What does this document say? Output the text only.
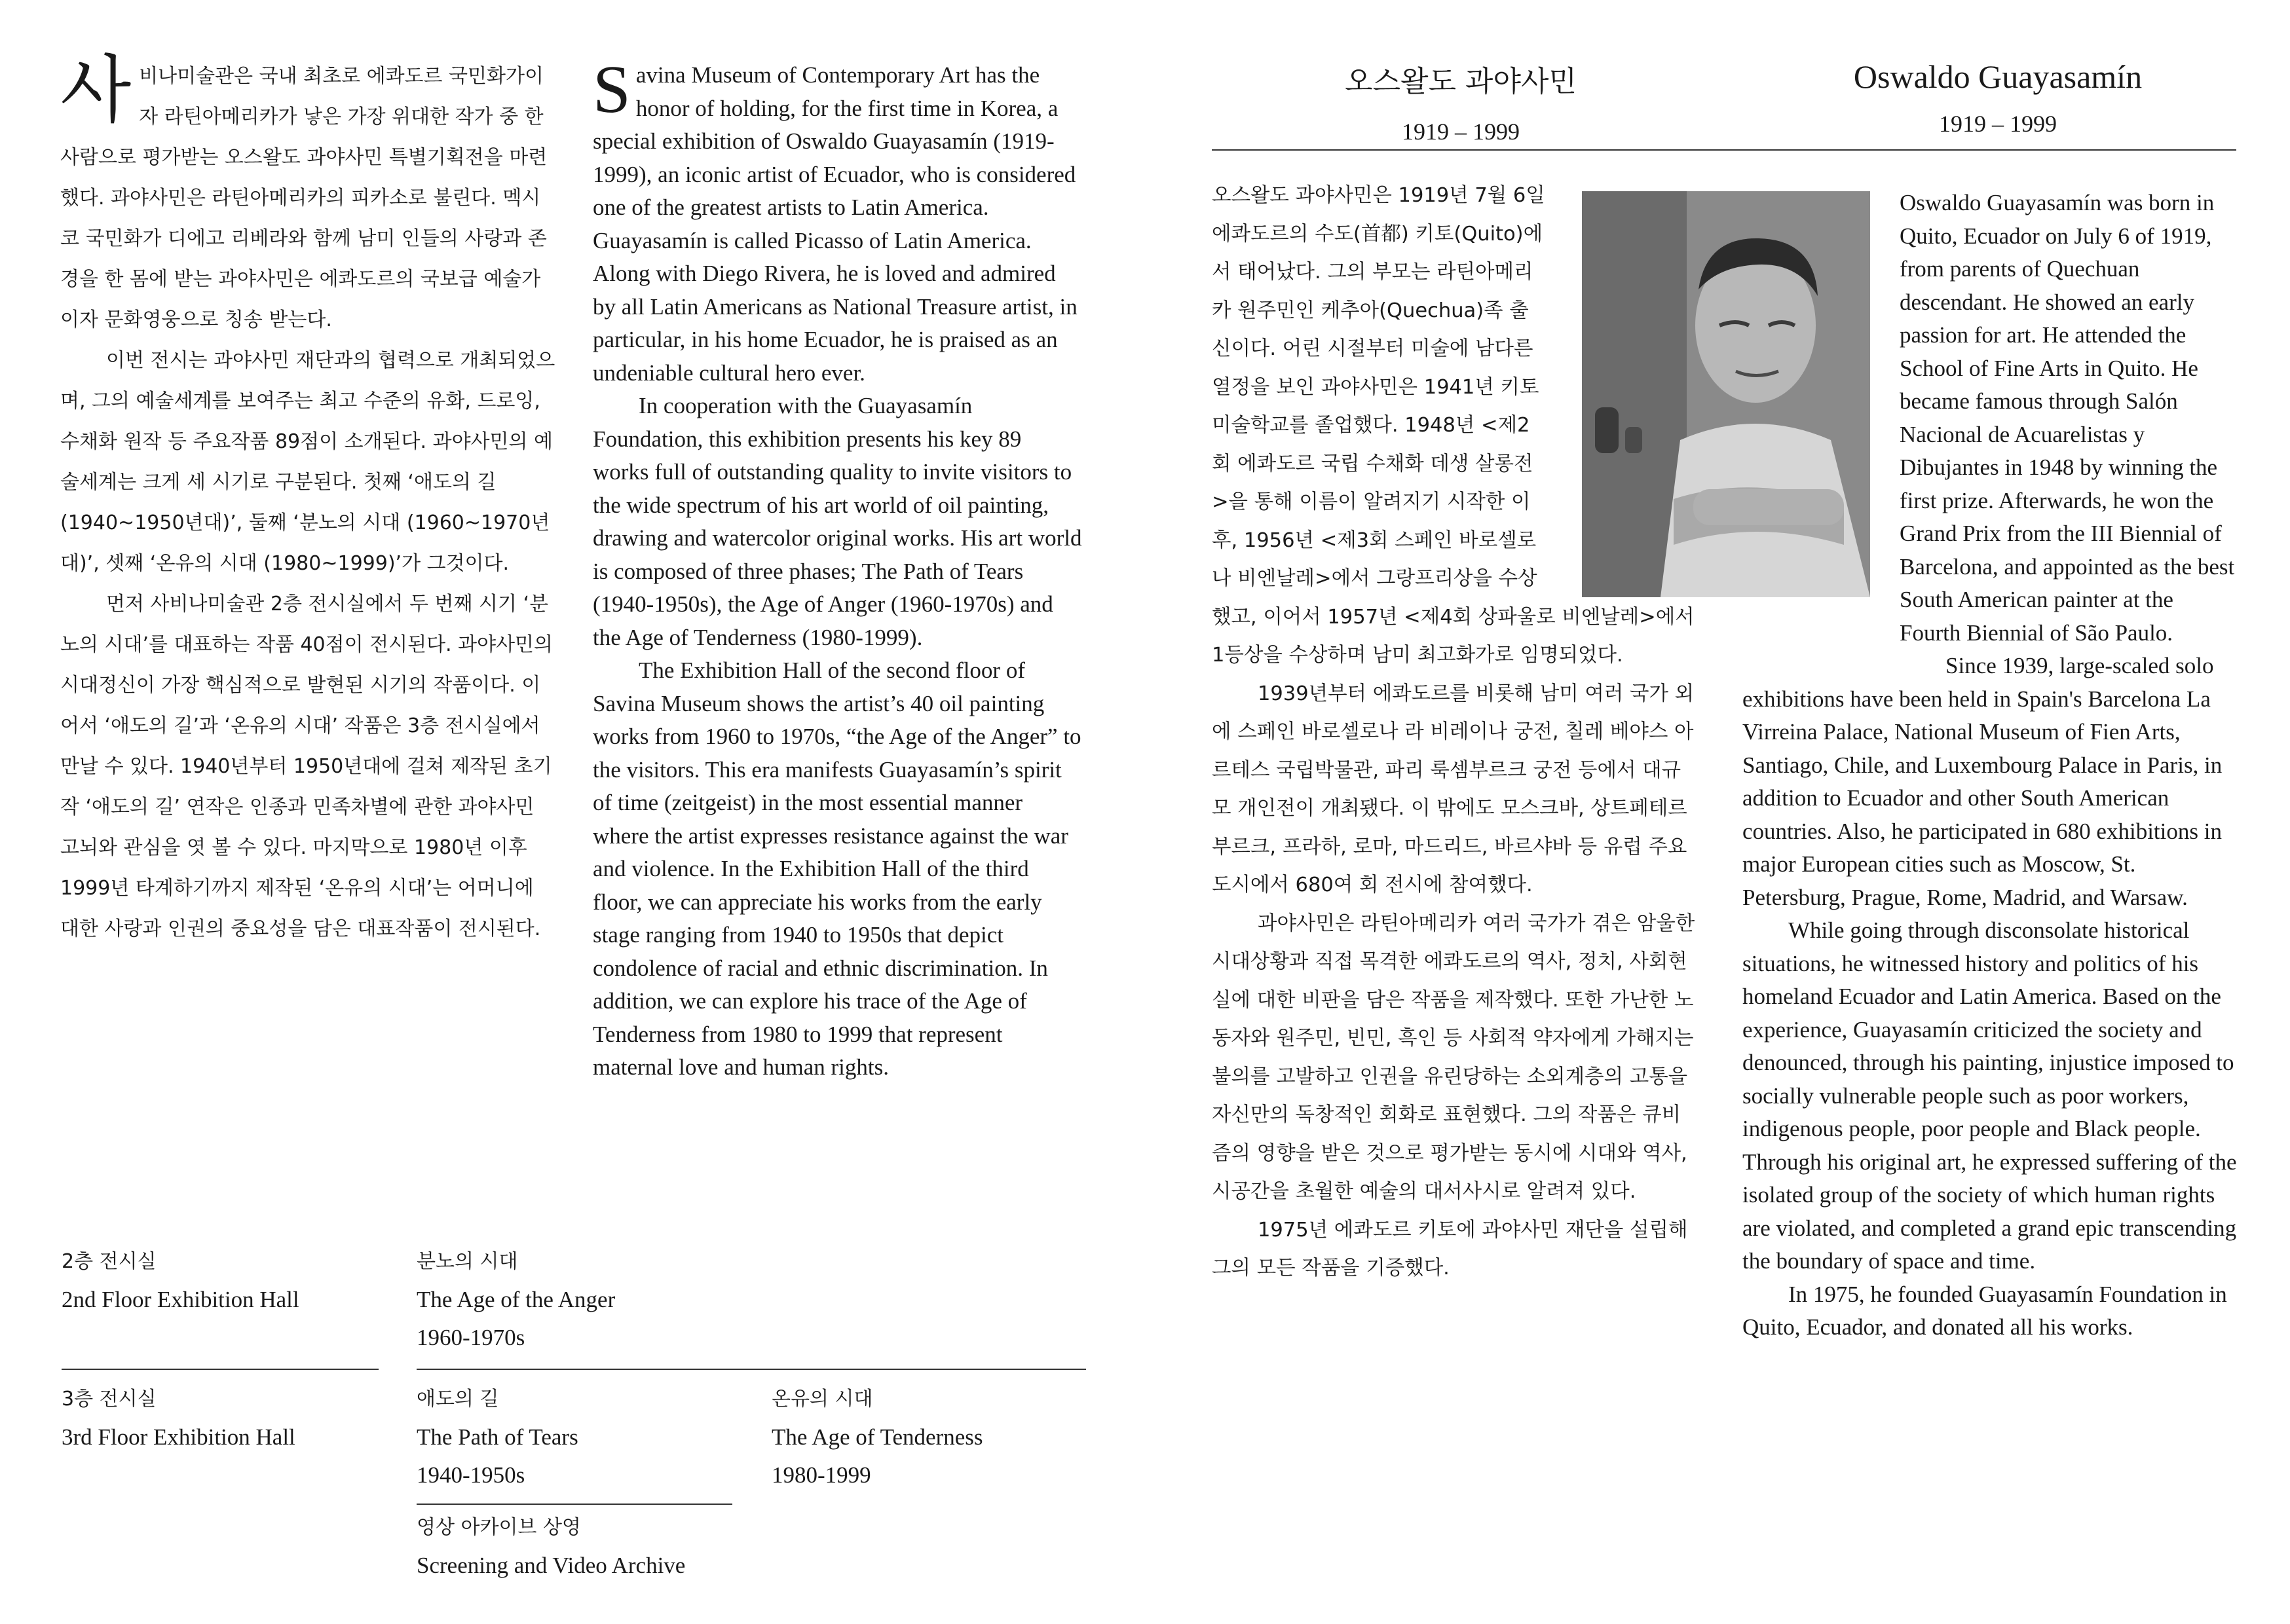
사비나미술관은 국내 최초로 에콰도르 국민화가이자 라틴아메리카가 낳은 가장 위대한 작가 중 한 사람으로 평가받는 오스왈도 과야사민 특별기획전을 마련했다. 과야사민은 라틴아메리카의 피카소로 불린다. 멕시코 국민화가 디에고 리베라와 함께 남미 인들의 사랑과 존경을 한 몸에 받는 과야사민은 에콰도르의 국보급 예술가이자 문화영웅으로 칭송 받는다.

이번 전시는 과야사민 재단과의 협력으로 개최되었으며, 그의 예술세계를 보여주는 최고 수준의 유화, 드로잉, 수채화 원작 등 주요작품 89점이 소개된다. 과야사민의 예술세계는 크게 세 시기로 구분된다. 첫째 ‘애도의 길 (1940~1950년대)’, 둘째 ‘분노의 시대 (1960~1970년대)’, 셋째 ‘온유의 시대 (1980~1999)’가 그것이다.

먼저 사비나미술관 2층 전시실에서 두 번째 시기 ‘분노의 시대’를 대표하는 작품 40점이 전시된다. 과야사민의 시대정신이 가장 핵심적으로 발현된 시기의 작품이다. 이어서 ‘애도의 길’과 ‘온유의 시대’ 작품은 3층 전시실에서 만날 수 있다. 1940년부터 1950년대에 걸쳐 제작된 초기작 ‘애도의 길’ 연작은 인종과 민족차별에 관한 과야사민 고뇌와 관심을 엿 볼 수 있다. 마지막으로 1980년 이후 1999년 타계하기까지 제작된 ‘온유의 시대’는 어머니에 대한 사랑과 인권의 중요성을 담은 대표작품이 전시된다.

Savina Museum of Contemporary Art has the honor of holding, for the first time in Korea, a special exhibition of Oswaldo Guayasamín (1919-1999), an iconic artist of Ecuador, who is considered one of the greatest artists to Latin America. Guayasamín is called Picasso of Latin America. Along with Diego Rivera, he is loved and admired by all Latin Americans as National Treasure artist, in particular, in his home Ecuador, he is praised as an undeniable cultural hero ever.

In cooperation with the Guayasamín Foundation, this exhibition presents his key 89 works full of outstanding quality to invite visitors to the wide spectrum of his art world of oil painting, drawing and watercolor original works. His art world is composed of three phases; The Path of Tears (1940-1950s), the Age of Anger (1960-1970s) and the Age of Tenderness (1980-1999).

The Exhibition Hall of the second floor of Savina Museum shows the artist’s 40 oil painting works from 1960 to 1970s, “the Age of the Anger” to the visitors. This era manifests Guayasamín’s spirit of time (zeitgeist) in the most essential manner where the artist expresses resistance against the war and violence. In the Exhibition Hall of the third floor, we can appreciate his works from the early stage ranging from 1940 to 1950s that depict condolence of racial and ethnic discrimination. In addition, we can explore his trace of the Age of Tenderness from 1980 to 1999 that represent maternal love and human rights.

2층 전시실
2nd Floor Exhibition Hall
분노의 시대
The Age of the Anger
1960-1970s
3층 전시실
3rd Floor Exhibition Hall
애도의 길
The Path of Tears
1940-1950s
온유의 시대
The Age of Tenderness
1980-1999
영상 아카이브 상영
Screening and Video Archive
오스왈도 과야사민
1919 – 1999
Oswaldo Guayasamín
1919 – 1999

오스왈도 과야사민은 1919년 7월 6일 에콰도르의 수도(首都) 키토(Quito)에서 태어났다. 그의 부모는 라틴아메리카 원주민인 케추아(Quechua)족 출신이다. 어린 시절부터 미술에 남다른 열정을 보인 과야사민은 1941년 키토미술학교를 졸업했다. 1948년 <제2회 에콰도르 국립 수채화 데생 살롱전>을 통해 이름이 알려지기 시작한 이후, 1956년 <제3회 스페인 바로셀로나 비엔날레>에서 그랑프리상을 수상했고, 이어서 1957년 <제4회 상파울로 비엔날레>에서 1등상을 수상하며 남미 최고화가로 임명되었다.

1939년부터 에콰도르를 비롯해 남미 여러 국가 외에 스페인 바로셀로나 라 비레이나 궁전, 칠레 베야스 아르테스 국립박물관, 파리 룩셈부르크 궁전 등에서 대규모 개인전이 개최됐다. 이 밖에도 모스크바, 상트페테르부르크, 프라하, 로마, 마드리드, 바르샤바 등 유럽 주요도시에서 680여 회 전시에 참여했다.

과야사민은 라틴아메리카 여러 국가가 겪은 암울한 시대상황과 직접 목격한 에콰도르의 역사, 정치, 사회현실에 대한 비판을 담은 작품을 제작했다. 또한 가난한 노동자와 원주민, 빈민, 흑인 등 사회적 약자에게 가해지는 불의를 고발하고 인권을 유린당하는 소외계층의 고통을 자신만의 독창적인 회화로 표현했다. 그의 작품은 큐비즘의 영향을 받은 것으로 평가받는 동시에 시대와 역사, 시공간을 초월한 예술의 대서사시로 알려져 있다.

1975년 에콰도르 키토에 과야사민 재단을 설립해 그의 모든 작품을 기증했다.

Oswaldo Guayasamín was born in Quito, Ecuador on July 6 of 1919, from parents of Quechuan descendant. He showed an early passion for art. He attended the School of Fine Arts in Quito. He became famous through Salón Nacional de Acuarelistas y Dibujantes in 1948 by winning the first prize. Afterwards, he won the Grand Prix from the III Biennial of Barcelona, and appointed as the best South American painter at the Fourth Biennial of São Paulo.

Since 1939, large-scaled solo exhibitions have been held in Spain's Barcelona La Virreina Palace, National Museum of Fien Arts, Santiago, Chile, and Luxembourg Palace in Paris, in addition to Ecuador and other South American countries. Also, he participated in 680 exhibitions in major European cities such as Moscow, St. Petersburg, Prague, Rome, Madrid, and Warsaw.

While going through disconsolate historical situations, he witnessed history and politics of his homeland Ecuador and Latin America. Based on the experience, Guayasamín criticized the society and denounced, through his painting, injustice imposed to socially vulnerable people such as poor workers, indigenous people, poor people and Black people. Through his original art, he expressed suffering of the isolated group of the society of which human rights are violated, and completed a grand epic transcending the boundary of space and time.

In 1975, he founded Guayasamín Foundation in Quito, Ecuador, and donated all his works.
